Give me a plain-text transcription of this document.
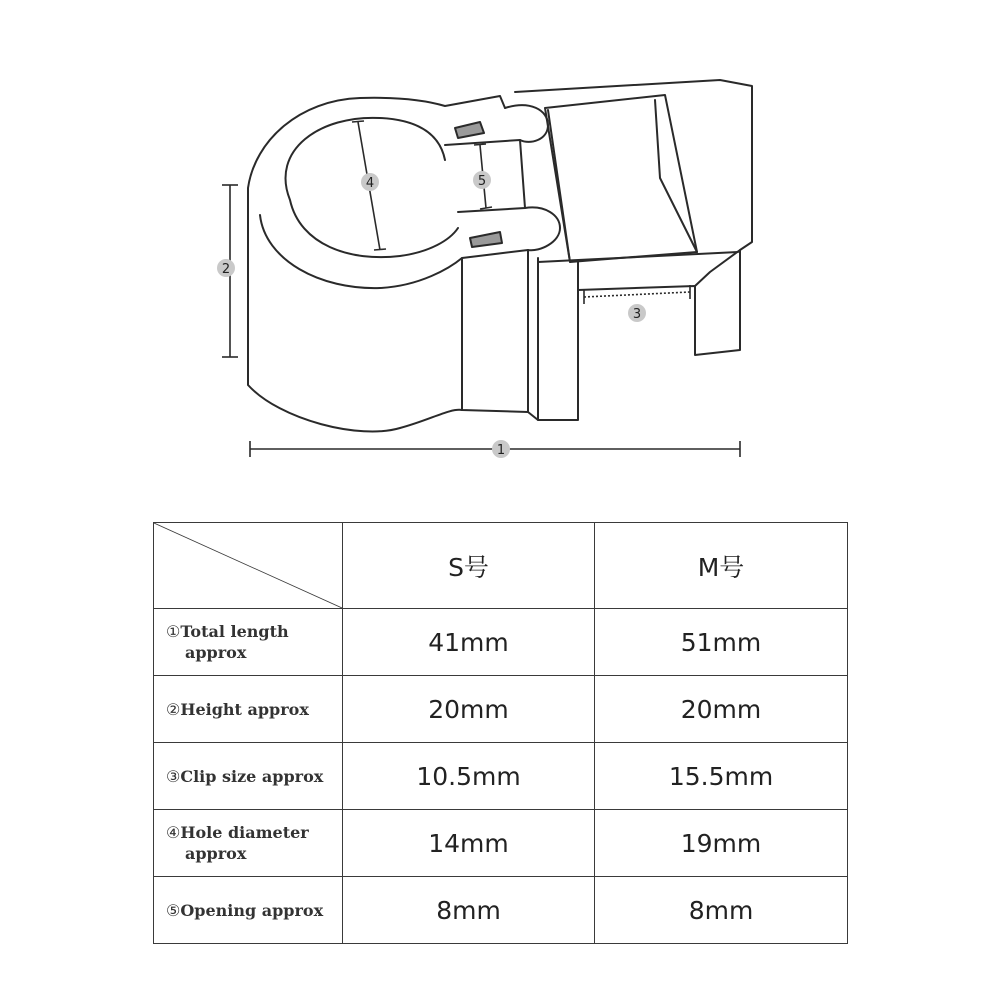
1
2
3
4	5
	S号	M号
①Total length
approx	41mm	51mm
②Height approx	20mm	20mm
③Clip size approx	10.5mm	15.5mm
④Hole diameter
approx	14mm	19mm
⑤Opening approx	8mm	8mm
